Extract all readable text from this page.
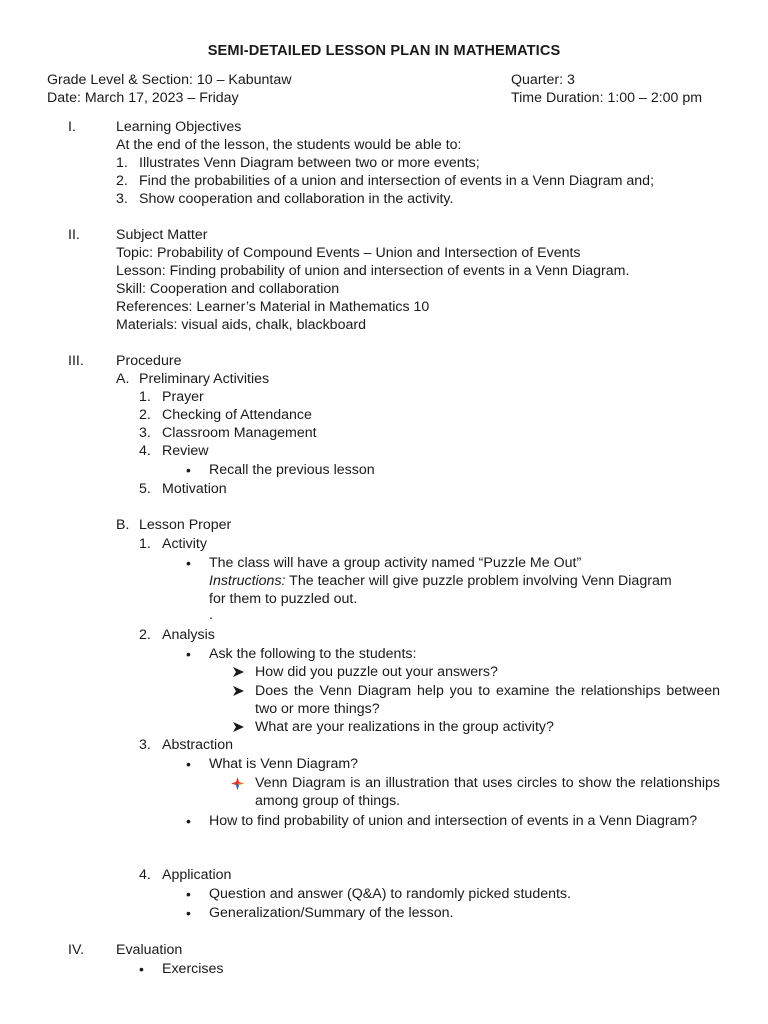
SEMI-DETAILED LESSON PLAN IN MATHEMATICS
Grade Level & Section: 10 – Kabuntaw	Quarter: 3
Date: March 17, 2023 – Friday	Time Duration: 1:00 – 2:00 pm
I.	Learning Objectives
At the end of the lesson, the students would be able to:
1. Illustrates Venn Diagram between two or more events;
2. Find the probabilities of a union and intersection of events in a Venn Diagram and;
3. Show cooperation and collaboration in the activity.
II.	Subject Matter
Topic: Probability of Compound Events – Union and Intersection of Events
Lesson: Finding probability of union and intersection of events in a Venn Diagram.
Skill: Cooperation and collaboration
References: Learner’s Material in Mathematics 10
Materials: visual aids, chalk, blackboard
III. Procedure
A. Preliminary Activities
1. Prayer
2. Checking of Attendance
3. Classroom Management
4. Review
• Recall the previous lesson
5. Motivation
B. Lesson Proper
1. Activity
• The class will have a group activity named “Puzzle Me Out”
Instructions: The teacher will give puzzle problem involving Venn Diagram
for them to puzzled out.
.
2. Analysis
• Ask the following to the students:
How did you puzzle out your answers?
Does the Venn Diagram help you to examine the relationships between two or more things?
What are your realizations in the group activity?
3. Abstraction
• What is Venn Diagram?
Venn Diagram is an illustration that uses circles to show the relationships among group of things.
• How to find probability of union and intersection of events in a Venn Diagram?
4. Application
• Question and answer (Q&A) to randomly picked students.
• Generalization/Summary of the lesson.
IV. Evaluation
• Exercises
